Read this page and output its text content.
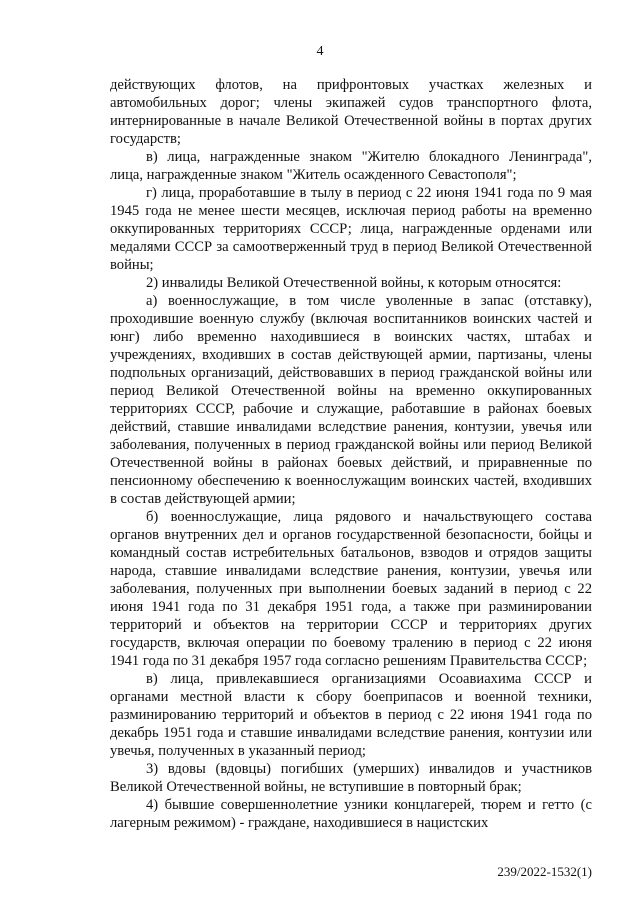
4

действующих флотов, на прифронтовых участках железных и автомобильных дорог; члены экипажей судов транспортного флота, интернированные в начале Великой Отечественной войны в портах других государств;

в) лица, награжденные знаком "Жителю блокадного Ленинграда", лица, награжденные знаком "Житель осажденного Севастополя";

г) лица, проработавшие в тылу в период с 22 июня 1941 года по 9 мая 1945 года не менее шести месяцев, исключая период работы на временно оккупированных территориях СССР; лица, награжденные орденами или медалями СССР за самоотверженный труд в период Великой Отечественной войны;

2) инвалиды Великой Отечественной войны, к которым относятся:

а) военнослужащие, в том числе уволенные в запас (отставку), проходившие военную службу (включая воспитанников воинских частей и юнг) либо временно находившиеся в воинских частях, штабах и учреждениях, входивших в состав действующей армии, партизаны, члены подпольных организаций, действовавших в период гражданской войны или период Великой Отечественной войны на временно оккупированных территориях СССР, рабочие и служащие, работавшие в районах боевых действий, ставшие инвалидами вследствие ранения, контузии, увечья или заболевания, полученных в период гражданской войны или период Великой Отечественной войны в районах боевых действий, и приравненные по пенсионному обеспечению к военнослужащим воинских частей, входивших в состав действующей армии;

б) военнослужащие, лица рядового и начальствующего состава органов внутренних дел и органов государственной безопасности, бойцы и командный состав истребительных батальонов, взводов и отрядов защиты народа, ставшие инвалидами вследствие ранения, контузии, увечья или заболевания, полученных при выполнении боевых заданий в период с 22 июня 1941 года по 31 декабря 1951 года, а также при разминировании территорий и объектов на территории СССР и территориях других государств, включая операции по боевому тралению в период с 22 июня 1941 года по 31 декабря 1957 года согласно решениям Правительства СССР;

в) лица, привлекавшиеся организациями Осоавиахима СССР и органами местной власти к сбору боеприпасов и военной техники, разминированию территорий и объектов в период с 22 июня 1941 года по декабрь 1951 года и ставшие инвалидами вследствие ранения, контузии или увечья, полученных в указанный период;

3) вдовы (вдовцы) погибших (умерших) инвалидов и участников Великой Отечественной войны, не вступившие в повторный брак;

4) бывшие совершеннолетние узники концлагерей, тюрем и гетто (с лагерным режимом) - граждане, находившиеся в нацистских

239/2022-1532(1)
